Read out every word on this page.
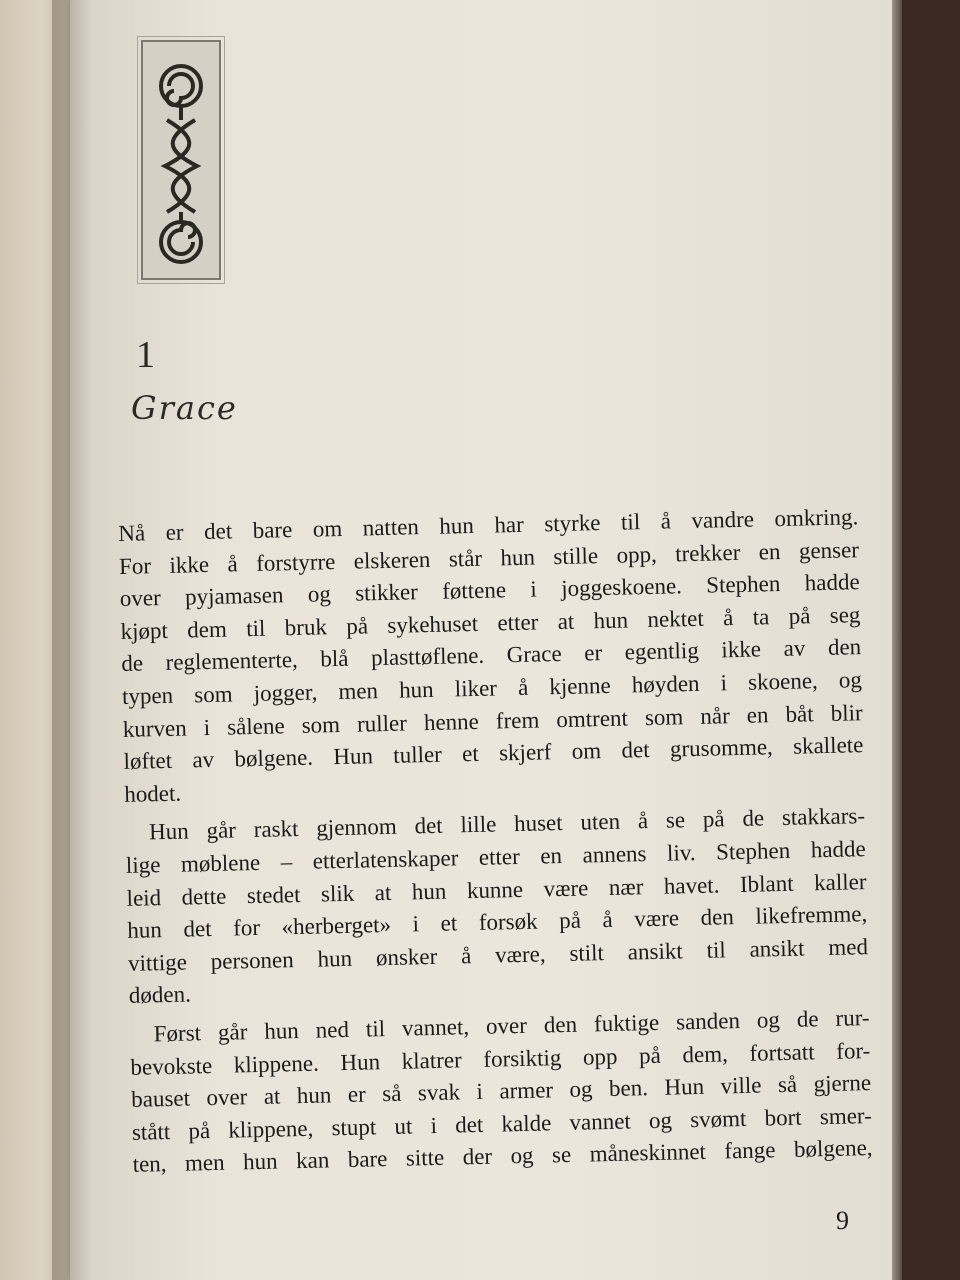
1
Grace

Nå er det bare om natten hun har styrke til å vandre omkring.
For ikke å forstyrre elskeren står hun stille opp, trekker en genser
over pyjamasen og stikker føttene i joggeskoene. Stephen hadde
kjøpt dem til bruk på sykehuset etter at hun nektet å ta på seg
de reglementerte, blå plasttøflene. Grace er egentlig ikke av den
typen som jogger, men hun liker å kjenne høyden i skoene, og
kurven i sålene som ruller henne frem omtrent som når en båt blir
løftet av bølgene. Hun tuller et skjerf om det grusomme, skallete
hodet.

Hun går raskt gjennom det lille huset uten å se på de stakkars-
lige møblene – etterlatenskaper etter en annens liv. Stephen hadde
leid dette stedet slik at hun kunne være nær havet. Iblant kaller
hun det for «herberget» i et forsøk på å være den likefremme,
vittige personen hun ønsker å være, stilt ansikt til ansikt med
døden.

Først går hun ned til vannet, over den fuktige sanden og de rur-
bevokste klippene. Hun klatrer forsiktig opp på dem, fortsatt for-
bauset over at hun er så svak i armer og ben. Hun ville så gjerne
stått på klippene, stupt ut i det kalde vannet og svømt bort smer-
ten, men hun kan bare sitte der og se måneskinnet fange bølgene,

9
